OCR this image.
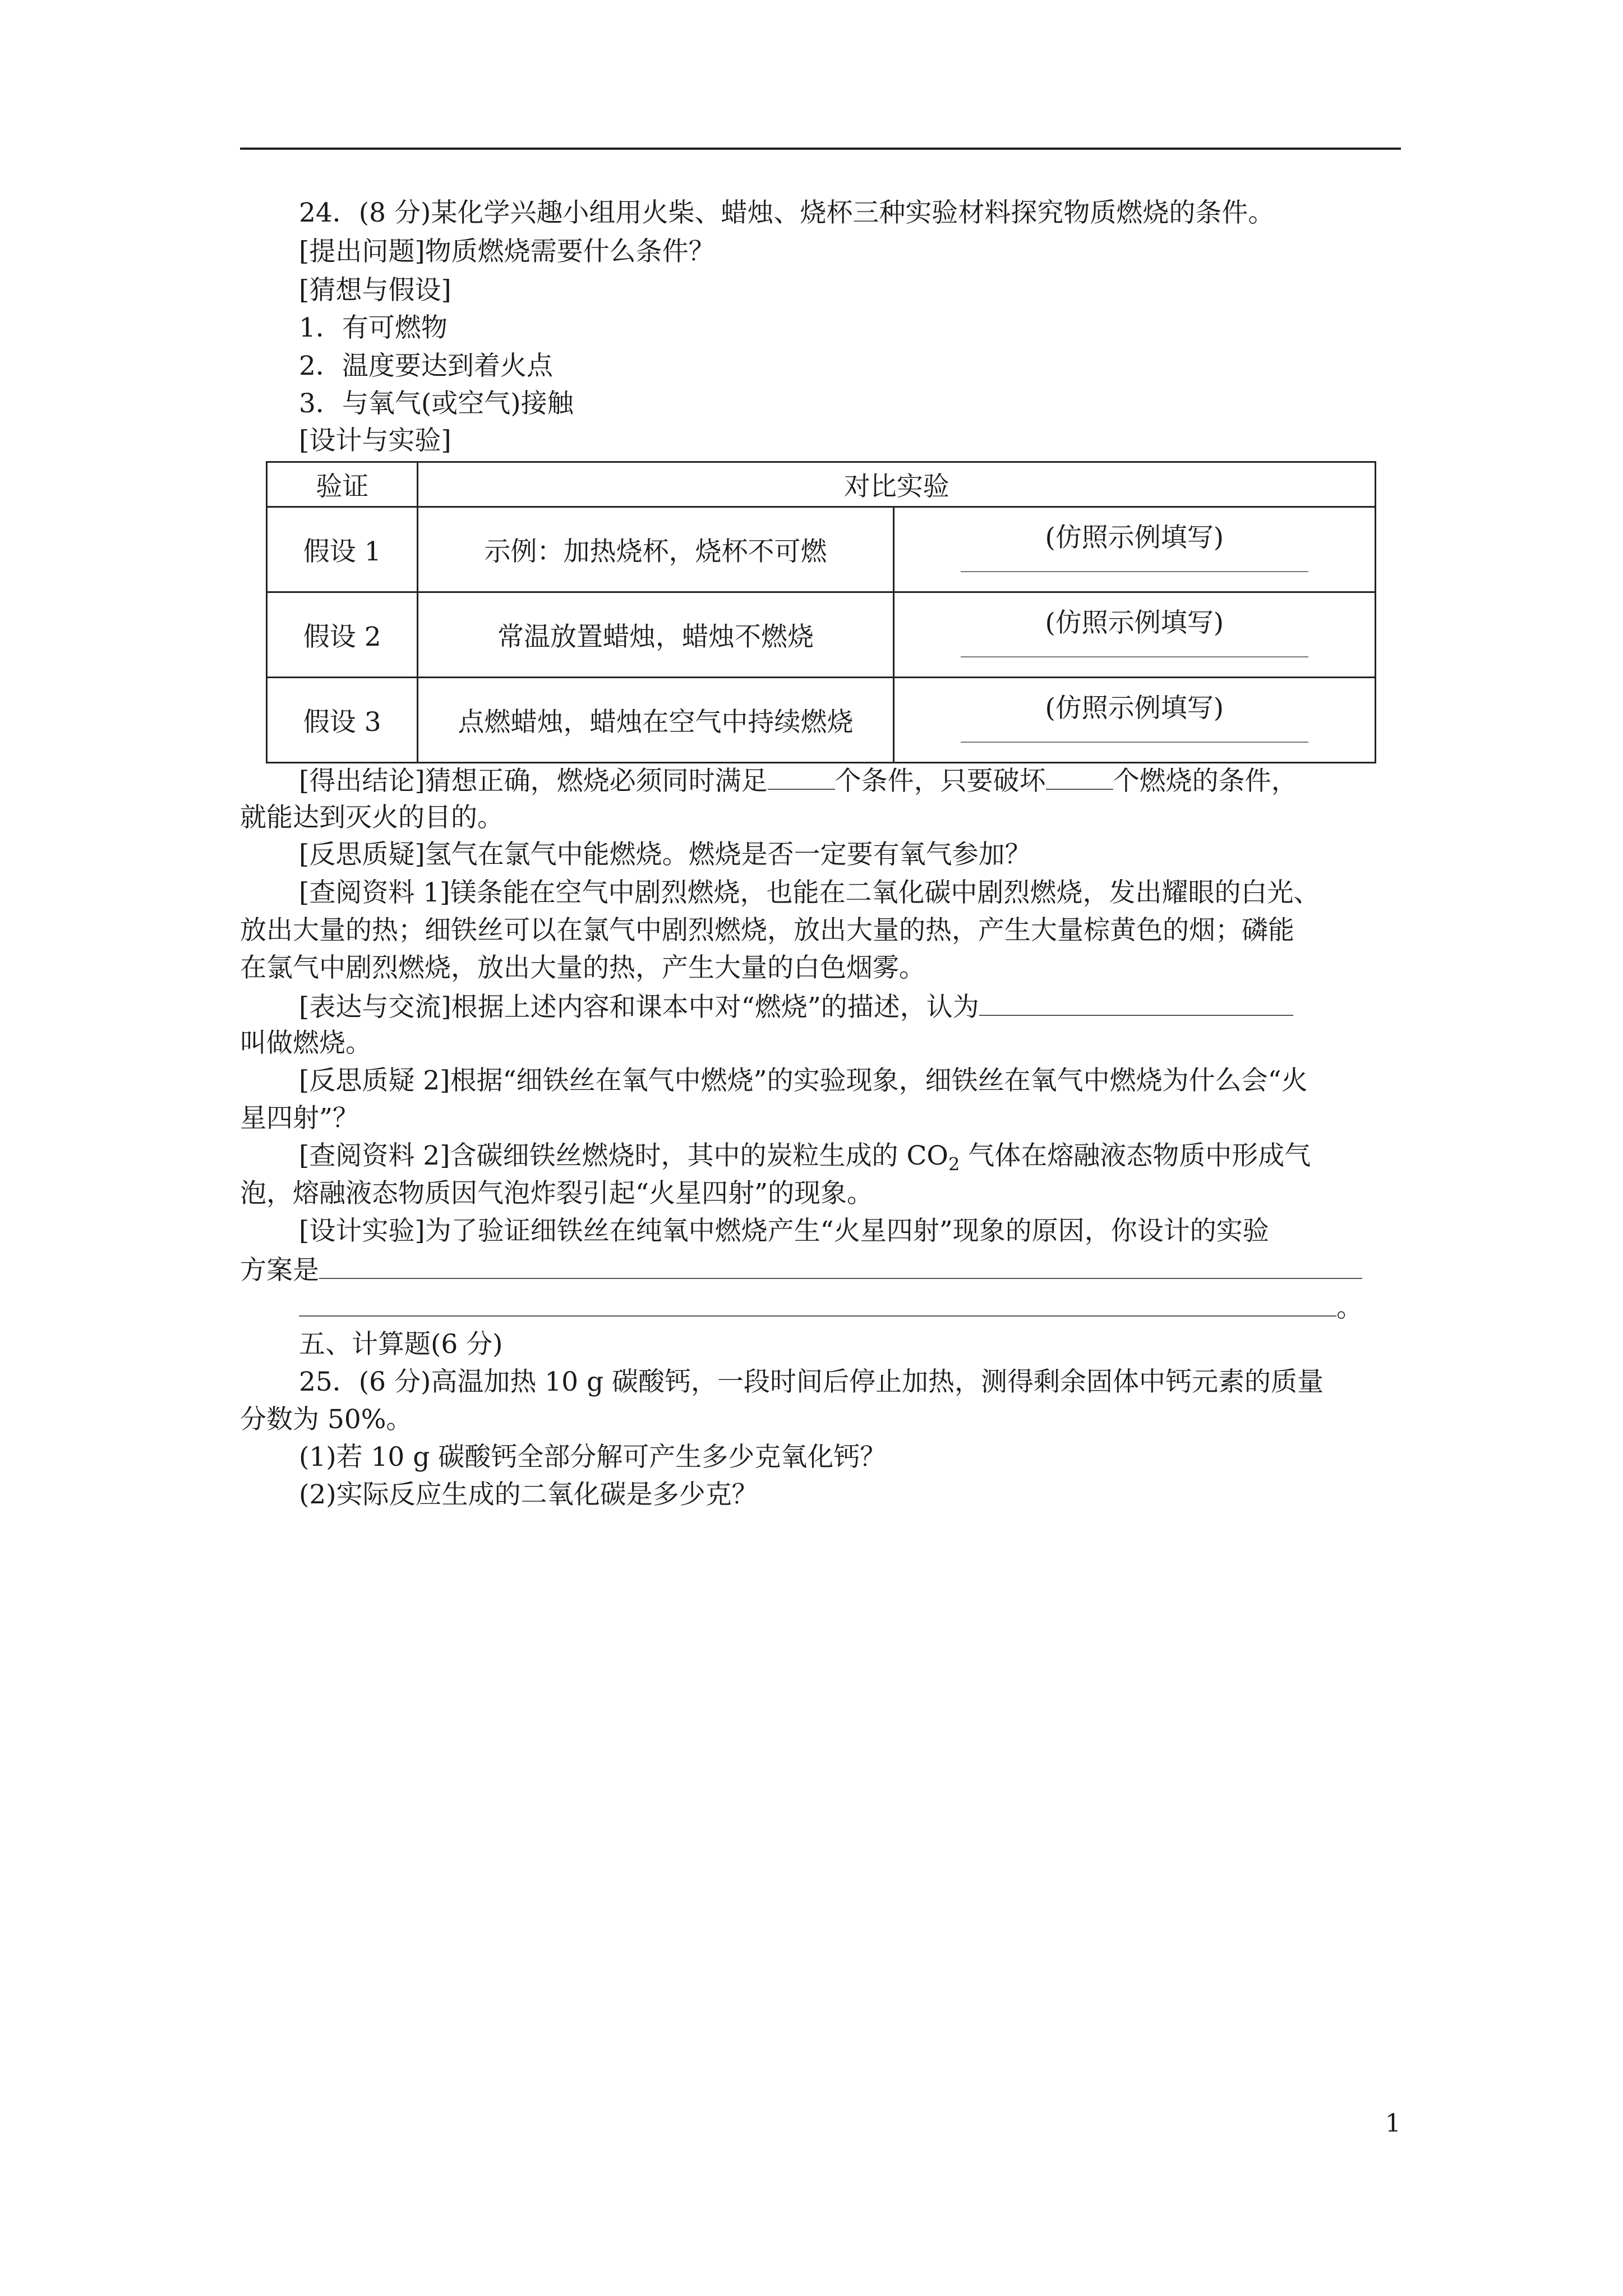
24．(8 分)某化学兴趣小组用火柴、蜡烛、烧杯三种实验材料探究物质燃烧的条件。
[提出问题]物质燃烧需要什么条件？
[猜想与假设]
1．有可燃物
2．温度要达到着火点
3．与氧气(或空气)接触
[设计与实验]
验证	对比实验	
假设 1	示例：加热烧杯，烧杯不可燃	(仿照示例填写)

假设 2	常温放置蜡烛，蜡烛不燃烧	(仿照示例填写)

假设 3	点燃蜡烛，蜡烛在空气中持续燃烧	(仿照示例填写)
[得出结论]猜想正确，燃烧必须同时满足	个条件，只要破坏	个燃烧的条件，
就能达到灭火的目的。
[反思质疑]氢气在氯气中能燃烧。燃烧是否一定要有氧气参加？
[查阅资料 1]镁条能在空气中剧烈燃烧，也能在二氧化碳中剧烈燃烧，发出耀眼的白光、
放出大量的热；细铁丝可以在氯气中剧烈燃烧，放出大量的热，产生大量棕黄色的烟；磷能
在氯气中剧烈燃烧，放出大量的热，产生大量的白色烟雾。
[表达与交流]根据上述内容和课本中对“燃烧”的描述，认为
叫做燃烧。
[反思质疑 2]根据“细铁丝在氧气中燃烧”的实验现象，细铁丝在氧气中燃烧为什么会“火
星四射”？
[查阅资料 2]含碳细铁丝燃烧时，其中的炭粒生成的 $CO_2$ 气体在熔融液态物质中形成气
泡，熔融液态物质因气泡炸裂引起“火星四射”的现象。
[设计实验]为了验证细铁丝在纯氧中燃烧产生“火星四射”现象的原因，你设计的实验
方案是
。
五、计算题(6 分)
25．(6 分)高温加热 10 g 碳酸钙，一段时间后停止加热，测得剩余固体中钙元素的质量
分数为 50%。
(1)若 10 g 碳酸钙全部分解可产生多少克氧化钙？
(2)实际反应生成的二氧化碳是多少克？
1
